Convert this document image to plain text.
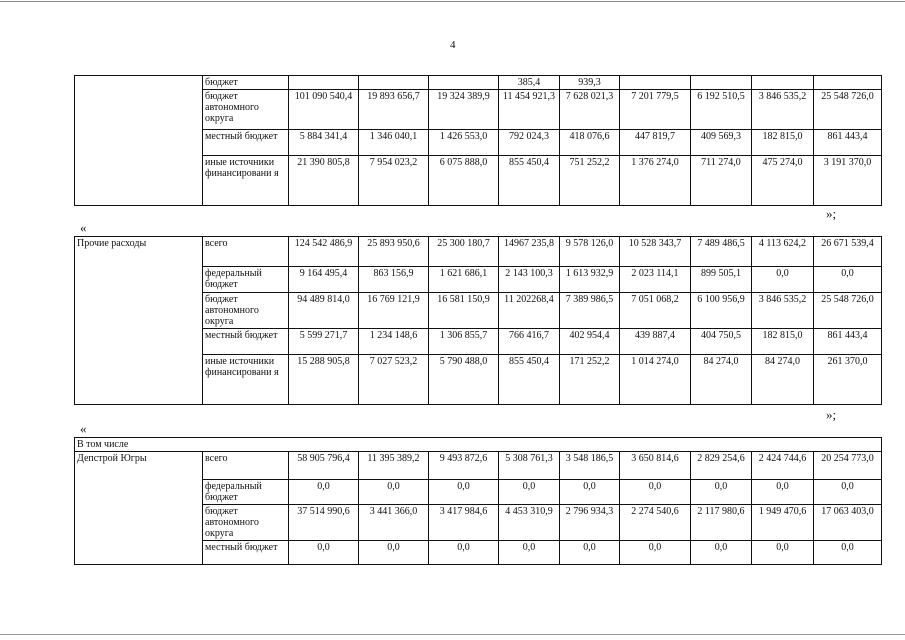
4
	бюджет				385,4	939,3				
	бюджет автономного округа	101 090 540,4	19 893 656,7	19 324 389,9	11 454 921,3	7 628 021,3	7 201 779,5	6 192 510,5	3 846 535,2	25 548 726,0
	местный бюджет	5 884 341,4	1 346 040,1	1 426 553,0	792 024,3	418 076,6	447 819,7	409 569,3	182 815,0	861 443,4
	иные источники финансировани я	21 390 805,8	7 954 023,2	6 075 888,0	855 450,4	751 252,2	1 376 274,0	711 274,0	475 274,0	3 191 370,0
»;
«
Прочие расходы	всего	124 542 486,9	25 893 950,6	25 300 180,7	14967 235,8	9 578 126,0	10 528 343,7	7 489 486,5	4 113 624,2	26 671 539,4
	федеральный бюджет	9 164 495,4	863 156,9	1 621 686,1	2 143 100,3	1 613 932,9	2 023 114,1	899 505,1	0,0	0,0
	бюджет автономного округа	94 489 814,0	16 769 121,9	16 581 150,9	11 202268,4	7 389 986,5	7 051 068,2	6 100 956,9	3 846 535,2	25 548 726,0
	местный бюджет	5 599 271,7	1 234 148,6	1 306 855,7	766 416,7	402 954,4	439 887,4	404 750,5	182 815,0	861 443,4
	иные источники финансировани я	15 288 905,8	7 027 523,2	5 790 488,0	855 450,4	171 252,2	1 014 274,0	84 274,0	84 274,0	261 370,0
»;
«
В том числе										
Депстрой Югры	всего	58 905 796,4	11 395 389,2	9 493 872,6	5 308 761,3	3 548 186,5	3 650 814,6	2 829 254,6	2 424 744,6	20 254 773,0
	федеральный бюджет	0,0	0,0	0,0	0,0	0,0	0,0	0,0	0,0	0,0
	бюджет автономного округа	37 514 990,6	3 441 366,0	3 417 984,6	4 453 310,9	2 796 934,3	2 274 540,6	2 117 980,6	1 949 470,6	17 063 403,0
	местный бюджет	0,0	0,0	0,0	0,0	0,0	0,0	0,0	0,0	0,0
